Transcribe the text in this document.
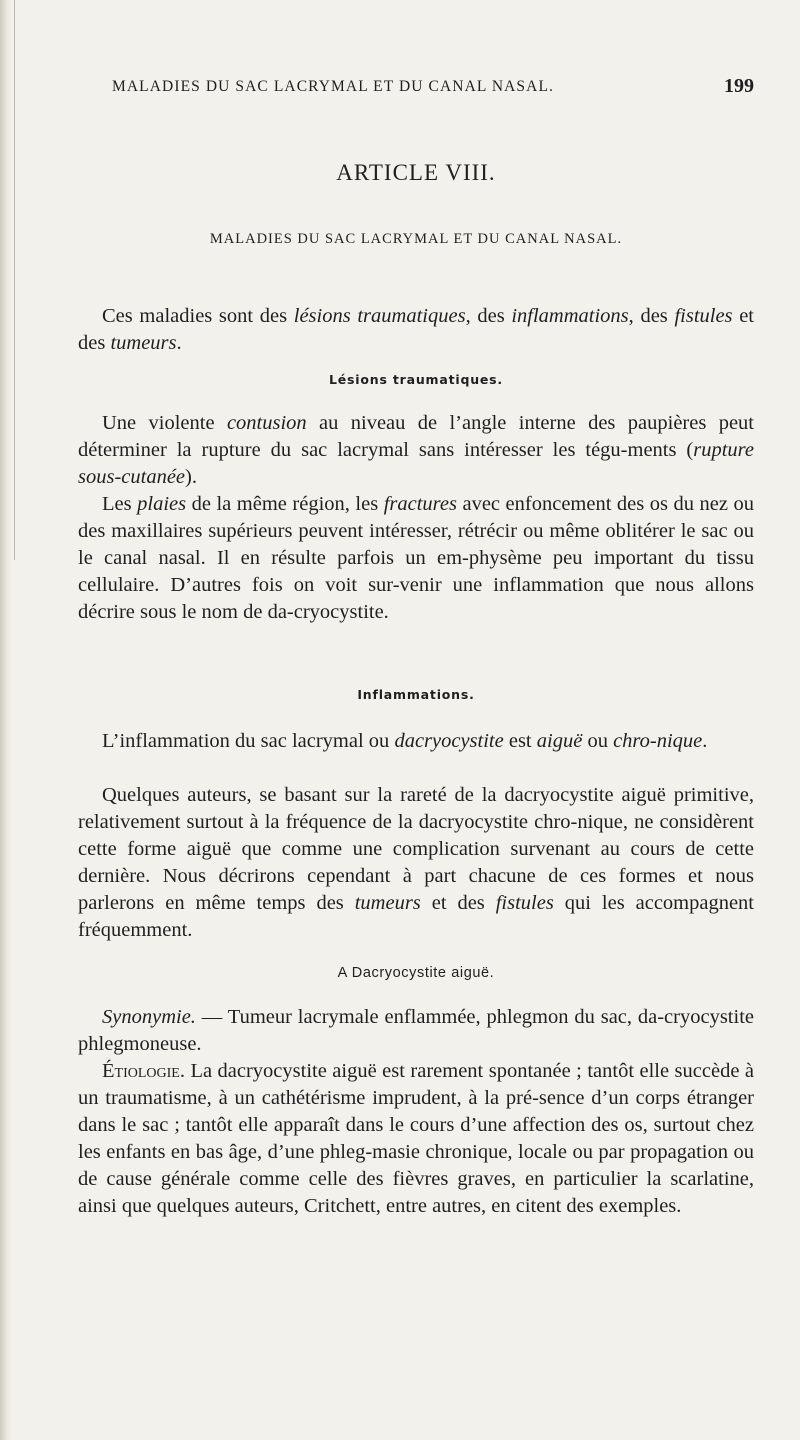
MALADIES DU SAC LACRYMAL ET DU CANAL NASAL.	199
ARTICLE VIII.
MALADIES DU SAC LACRYMAL ET DU CANAL NASAL.

Ces maladies sont des lésions traumatiques, des inflammations, des fistules et des tumeurs.

Lésions traumatiques.

Une violente contusion au niveau de l’angle interne des paupières peut déterminer la rupture du sac lacrymal sans intéresser les tégu-ments (rupture sous-cutanée).

Les plaies de la même région, les fractures avec enfoncement des os du nez ou des maxillaires supérieurs peuvent intéresser, rétrécir ou même oblitérer le sac ou le canal nasal. Il en résulte parfois un em-physème peu important du tissu cellulaire. D’autres fois on voit sur-venir une inflammation que nous allons décrire sous le nom de da-cryocystite.

Inflammations.

L’inflammation du sac lacrymal ou dacryocystite est aiguë ou chro-nique.

Quelques auteurs, se basant sur la rareté de la dacryocystite aiguë primitive, relativement surtout à la fréquence de la dacryocystite chro-nique, ne considèrent cette forme aiguë que comme une complication survenant au cours de cette dernière. Nous décrirons cependant à part chacune de ces formes et nous parlerons en même temps des tumeurs et des fistules qui les accompagnent fréquemment.

A Dacryocystite aiguë.

Synonymie. — Tumeur lacrymale enflammée, phlegmon du sac, da-cryocystite phlegmoneuse.

Étiologie. La dacryocystite aiguë est rarement spontanée ; tantôt elle succède à un traumatisme, à un cathétérisme imprudent, à la pré-sence d’un corps étranger dans le sac ; tantôt elle apparaît dans le cours d’une affection des os, surtout chez les enfants en bas âge, d’une phleg-masie chronique, locale ou par propagation ou de cause générale comme celle des fièvres graves, en particulier la scarlatine, ainsi que quelques auteurs, Critchett, entre autres, en citent des exemples.
